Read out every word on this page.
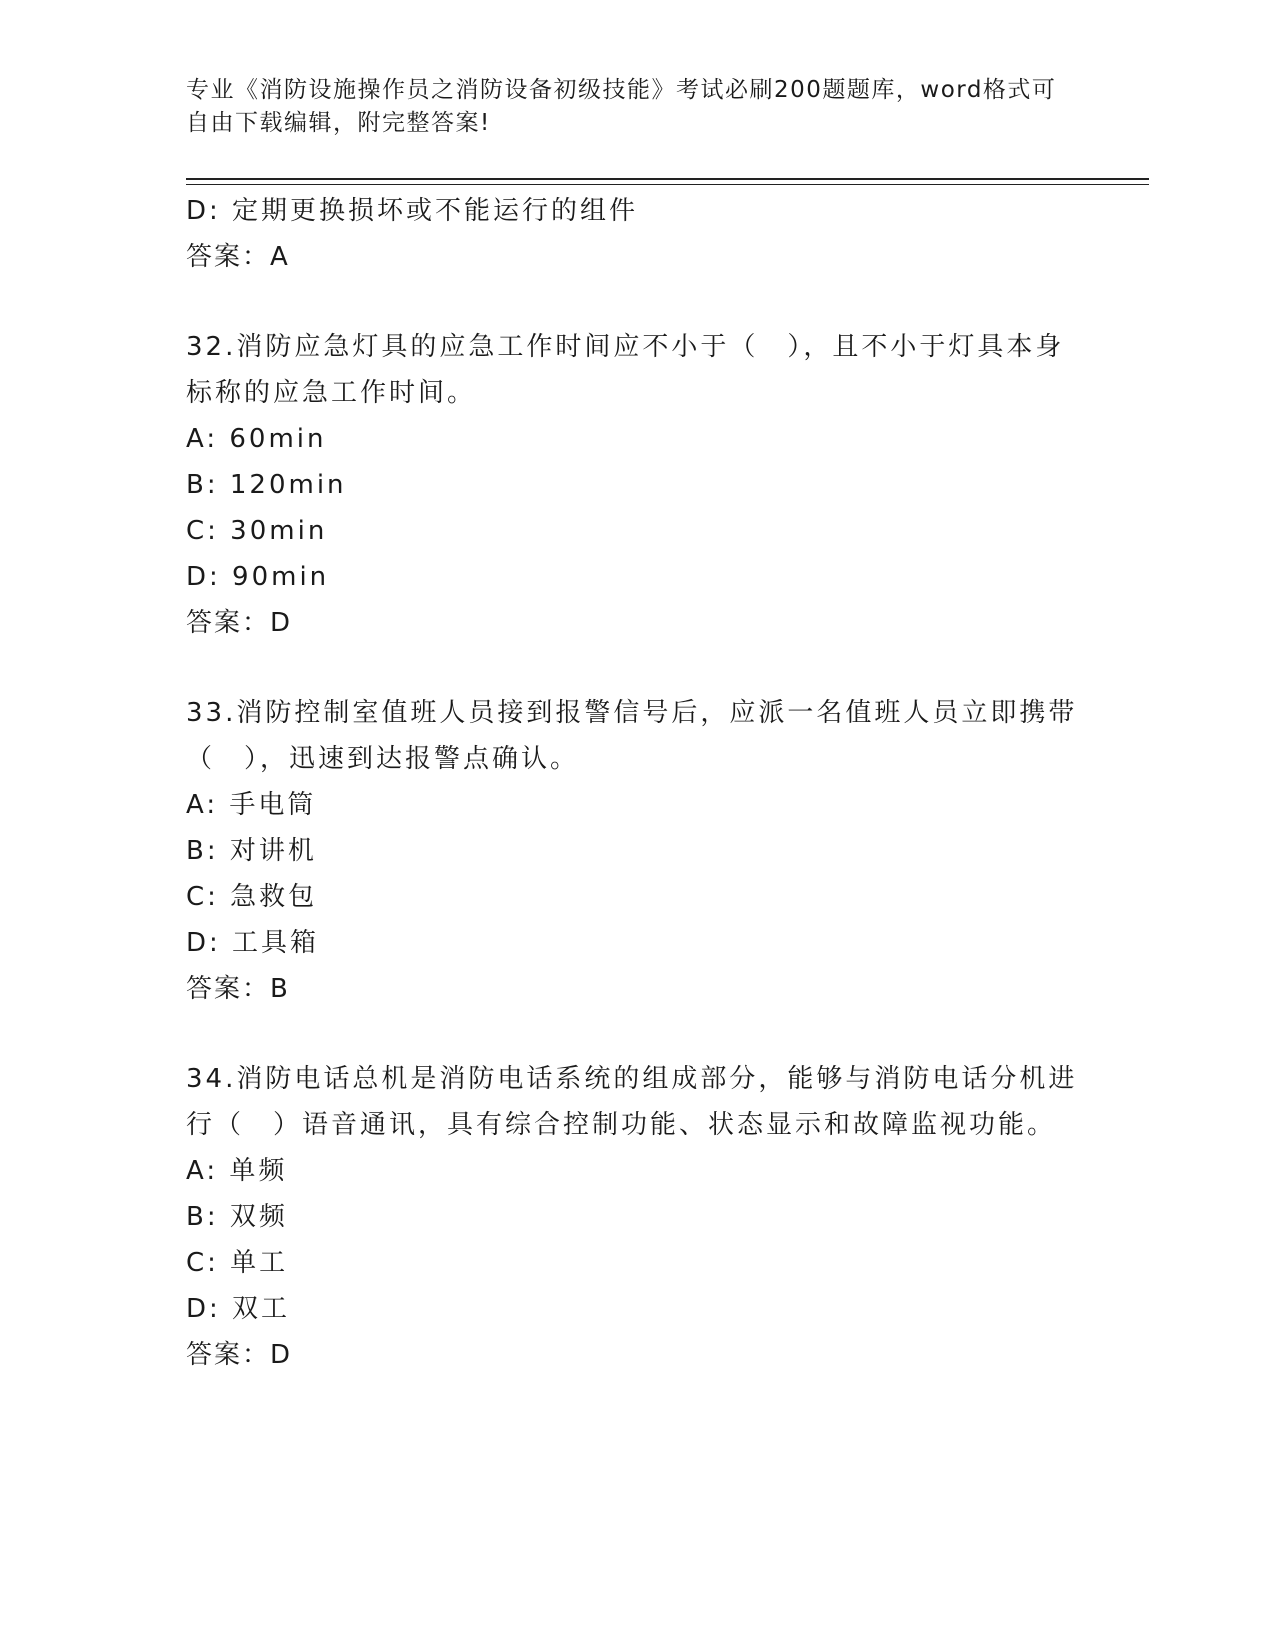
专业《消防设施操作员之消防设备初级技能》考试必刷200题题库，word格式可
自由下载编辑，附完整答案!
D: 定期更换损坏或不能运行的组件
答案：A
32.消防应急灯具的应急工作时间应不小于（　），且不小于灯具本身
标称的应急工作时间。
A: 60min
B: 120min
C: 30min
D: 90min
答案：D
33.消防控制室值班人员接到报警信号后，应派一名值班人员立即携带
（　），迅速到达报警点确认。
A: 手电筒
B: 对讲机
C: 急救包
D: 工具箱
答案：B
34.消防电话总机是消防电话系统的组成部分，能够与消防电话分机进
行（　）语音通讯，具有综合控制功能、状态显示和故障监视功能。
A: 单频
B: 双频
C: 单工
D: 双工
答案：D
